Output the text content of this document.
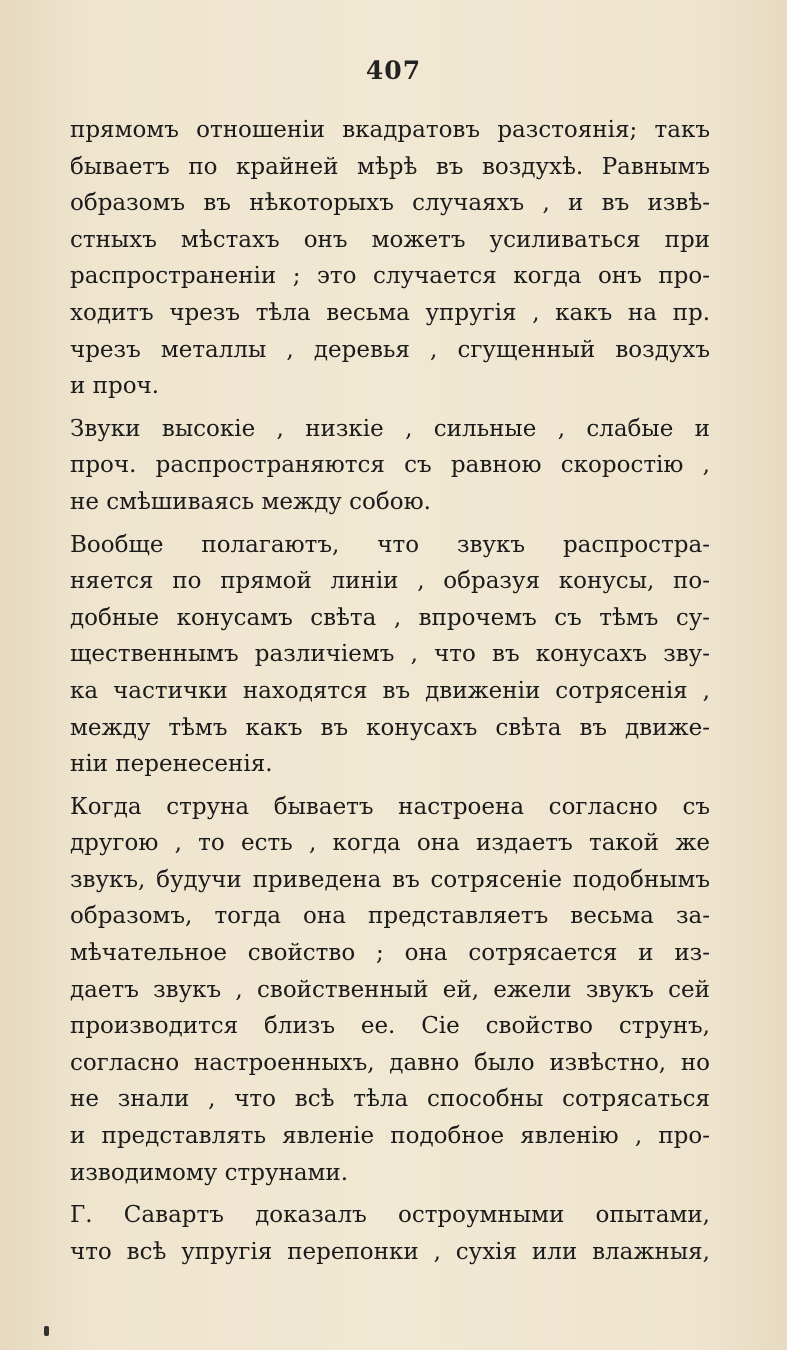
407
прямомъ отношеніи вкадратовъ разстоянія; такъ
бываетъ по крайней мѣрѣ въ воздухѣ. Равнымъ
образомъ въ нѣкоторыхъ случаяхъ , и въ извѣ-
стныхъ мѣстахъ онъ можетъ усиливаться при
распространеніи ; это случается когда онъ про-
ходитъ чрезъ тѣла весьма упругія , какъ на пр.
чрезъ металлы , деревья , сгущенный воздухъ
и проч.
Звуки высокіе , низкіе , сильные , слабые и
проч. распространяются съ равною скоростію ,
не смѣшиваясь между собою.
Вообще полагаютъ, что звукъ распростра-
няется по прямой линіи , образуя конусы, по-
добные конусамъ свѣта , впрочемъ съ тѣмъ су-
щественнымъ различіемъ , что въ конусахъ зву-
ка частички находятся въ движеніи сотрясенія ,
между тѣмъ какъ въ конусахъ свѣта въ движе-
ніи перенесенія.
Когда струна бываетъ настроена согласно съ
другою , то есть , когда она издаетъ такой же
звукъ, будучи приведена въ сотрясеніе подобнымъ
образомъ, тогда она представляетъ весьма за-
мѣчательное свойство ; она сотрясается и из-
даетъ звукъ , свойственный ей, ежели звукъ сей
производится близъ ее. Сіе свойство струнъ,
согласно настроенныхъ, давно было извѣстно, но
не знали , что всѣ тѣла способны сотрясаться
и представлять явленіе подобное явленію , про-
изводимому струнами.
Г. Савартъ доказалъ остроумными опытами,
что всѣ упругія перепонки , сухія или влажныя,
